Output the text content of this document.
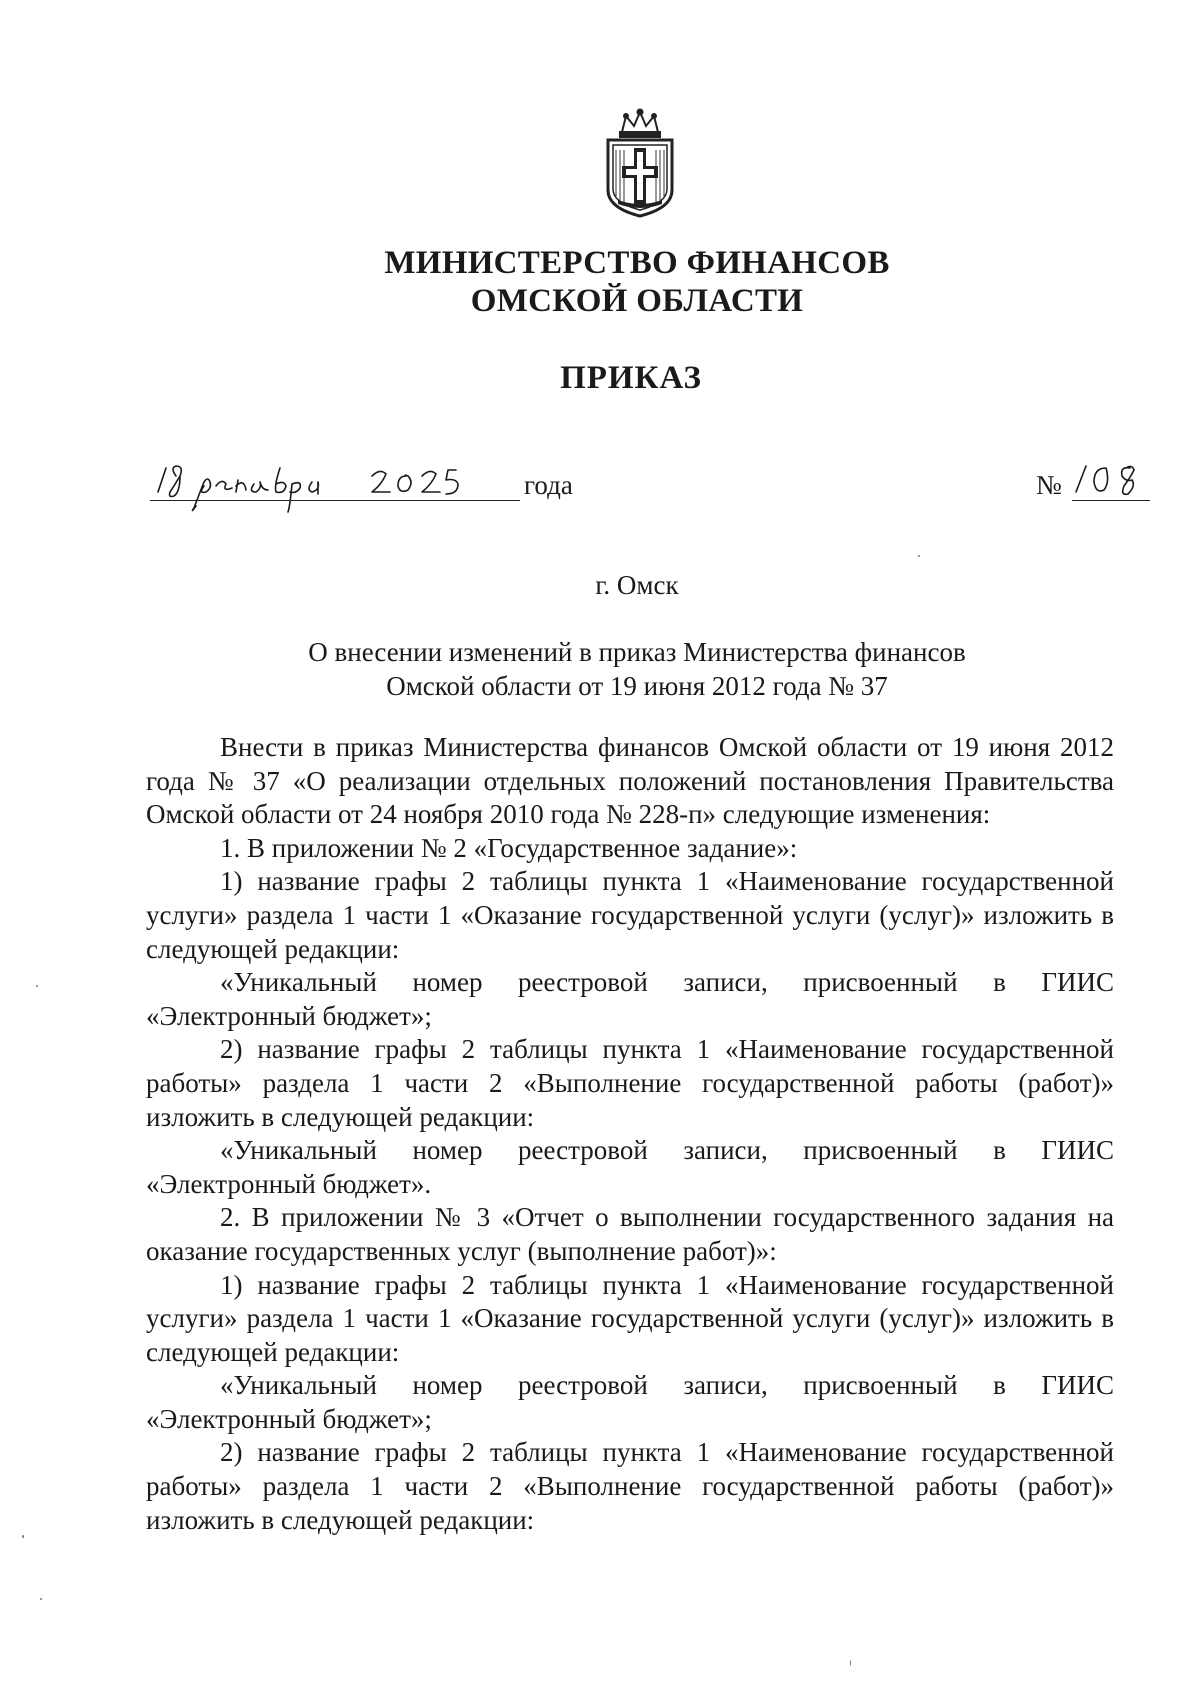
МИНИСТЕРСТВО ФИНАНСОВ
ОМСКОЙ ОБЛАСТИ
ПРИКАЗ
года	№
г. Омск
О внесении изменений в приказ Министерства финансов
Омской области от 19 июня 2012 года № 37

Внести в приказ Министерства финансов Омской области от 19 июня 2012 года № 37 «О реализации отдельных положений постановления Правительства Омской области от 24 ноября 2010 года № 228-п» следующие изменения:

1. В приложении № 2 «Государственное задание»:

1) название графы 2 таблицы пункта 1 «Наименование государственной услуги» раздела 1 части 1 «Оказание государственной услуги (услуг)» изложить в следующей редакции:

«Уникальный номер реестровой записи, присвоенный в ГИИС «Электронный бюджет»;

2) название графы 2 таблицы пункта 1 «Наименование государственной работы» раздела 1 части 2 «Выполнение государственной работы (работ)» изложить в следующей редакции:

«Уникальный номер реестровой записи, присвоенный в ГИИС «Электронный бюджет».

2. В приложении № 3 «Отчет о выполнении государственного задания на оказание государственных услуг (выполнение работ)»:

1) название графы 2 таблицы пункта 1 «Наименование государственной услуги» раздела 1 части 1 «Оказание государственной услуги (услуг)» изложить в следующей редакции:

«Уникальный номер реестровой записи, присвоенный в ГИИС «Электронный бюджет»;

2) название графы 2 таблицы пункта 1 «Наименование государственной работы» раздела 1 части 2 «Выполнение государственной работы (работ)» изложить в следующей редакции:
